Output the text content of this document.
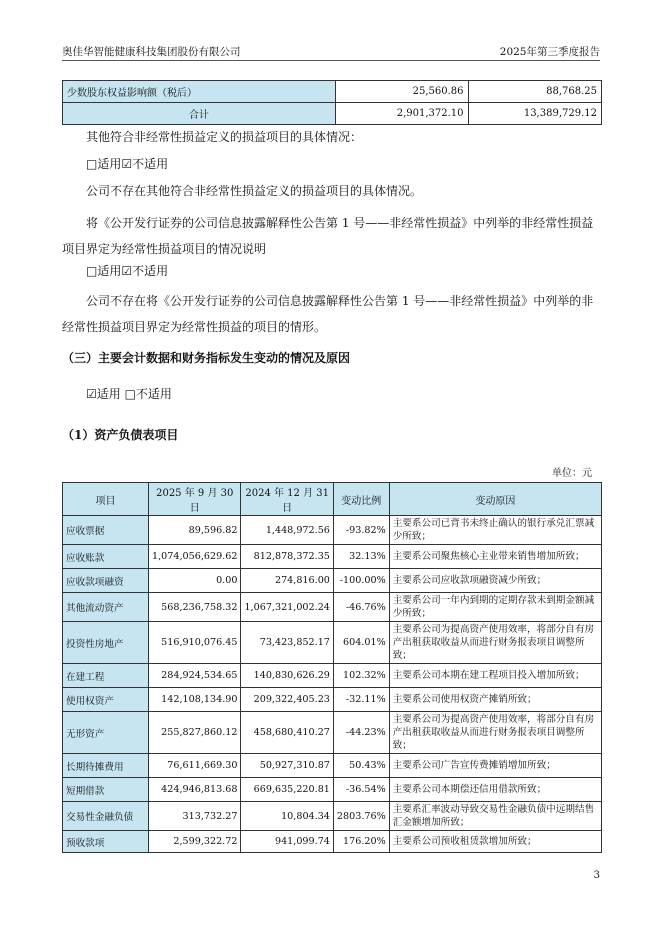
奥佳华智能健康科技集团股份有限公司	2025年第三季度报告
少数股东权益影响额（税后）	25,560.86	88,768.25
合计	2,901,372.10	13,389,729.12
其他符合非经常性损益定义的损益项目的具体情况：
□适用☑不适用
公司不存在其他符合非经常性损益定义的损益项目的具体情况。
将《公开发行证券的公司信息披露解释性公告第 1 号——非经常性损益》中列举的非经常性损益项目界定为经常性损益项目的情况说明
□适用☑不适用
公司不存在将《公开发行证券的公司信息披露解释性公告第 1 号——非经常性损益》中列举的非经常性损益项目界定为经常性损益的项目的情形。
（三）主要会计数据和财务指标发生变动的情况及原因
☑适用 □不适用
（1）资产负债表项目
单位：元
项目	2025 年 9 月 30 日	2024 年 12 月 31 日	变动比例	变动原因
应收票据	89,596.82	1,448,972.56	-93.82%	主要系公司已背书未终止确认的银行承兑汇票减少所致；
应收账款	1,074,056,629.62	812,878,372.35	32.13%	主要系公司聚焦核心主业带来销售增加所致；
应收款项融资	0.00	274,816.00	-100.00%	主要系公司应收款项融资减少所致；
其他流动资产	568,236,758.32	1,067,321,002.24	-46.76%	主要系公司一年内到期的定期存款未到期金额减少所致；
投资性房地产	516,910,076.45	73,423,852.17	604.01%	主要系公司为提高资产使用效率，将部分自有房产出租获取收益从而进行财务报表项目调整所致；
在建工程	284,924,534.65	140,830,626.29	102.32%	主要系公司本期在建工程项目投入增加所致；
使用权资产	142,108,134.90	209,322,405.23	-32.11%	主要系公司使用权资产摊销所致；
无形资产	255,827,860.12	458,680,410.27	-44.23%	主要系公司为提高资产使用效率，将部分自有房产出租获取收益从而进行财务报表项目调整所致；
长期待摊费用	76,611,669.30	50,927,310.87	50.43%	主要系公司广告宣传费摊销增加所致；
短期借款	424,946,813.68	669,635,220.81	-36.54%	主要系公司本期偿还信用借款所致；
交易性金融负债	313,732.27	10,804.34	2803.76%	主要系汇率波动导致交易性金融负债中远期结售汇金额增加所致；
预收款项	2,599,322.72	941,099.74	176.20%	主要系公司预收租赁款增加所致；
3
